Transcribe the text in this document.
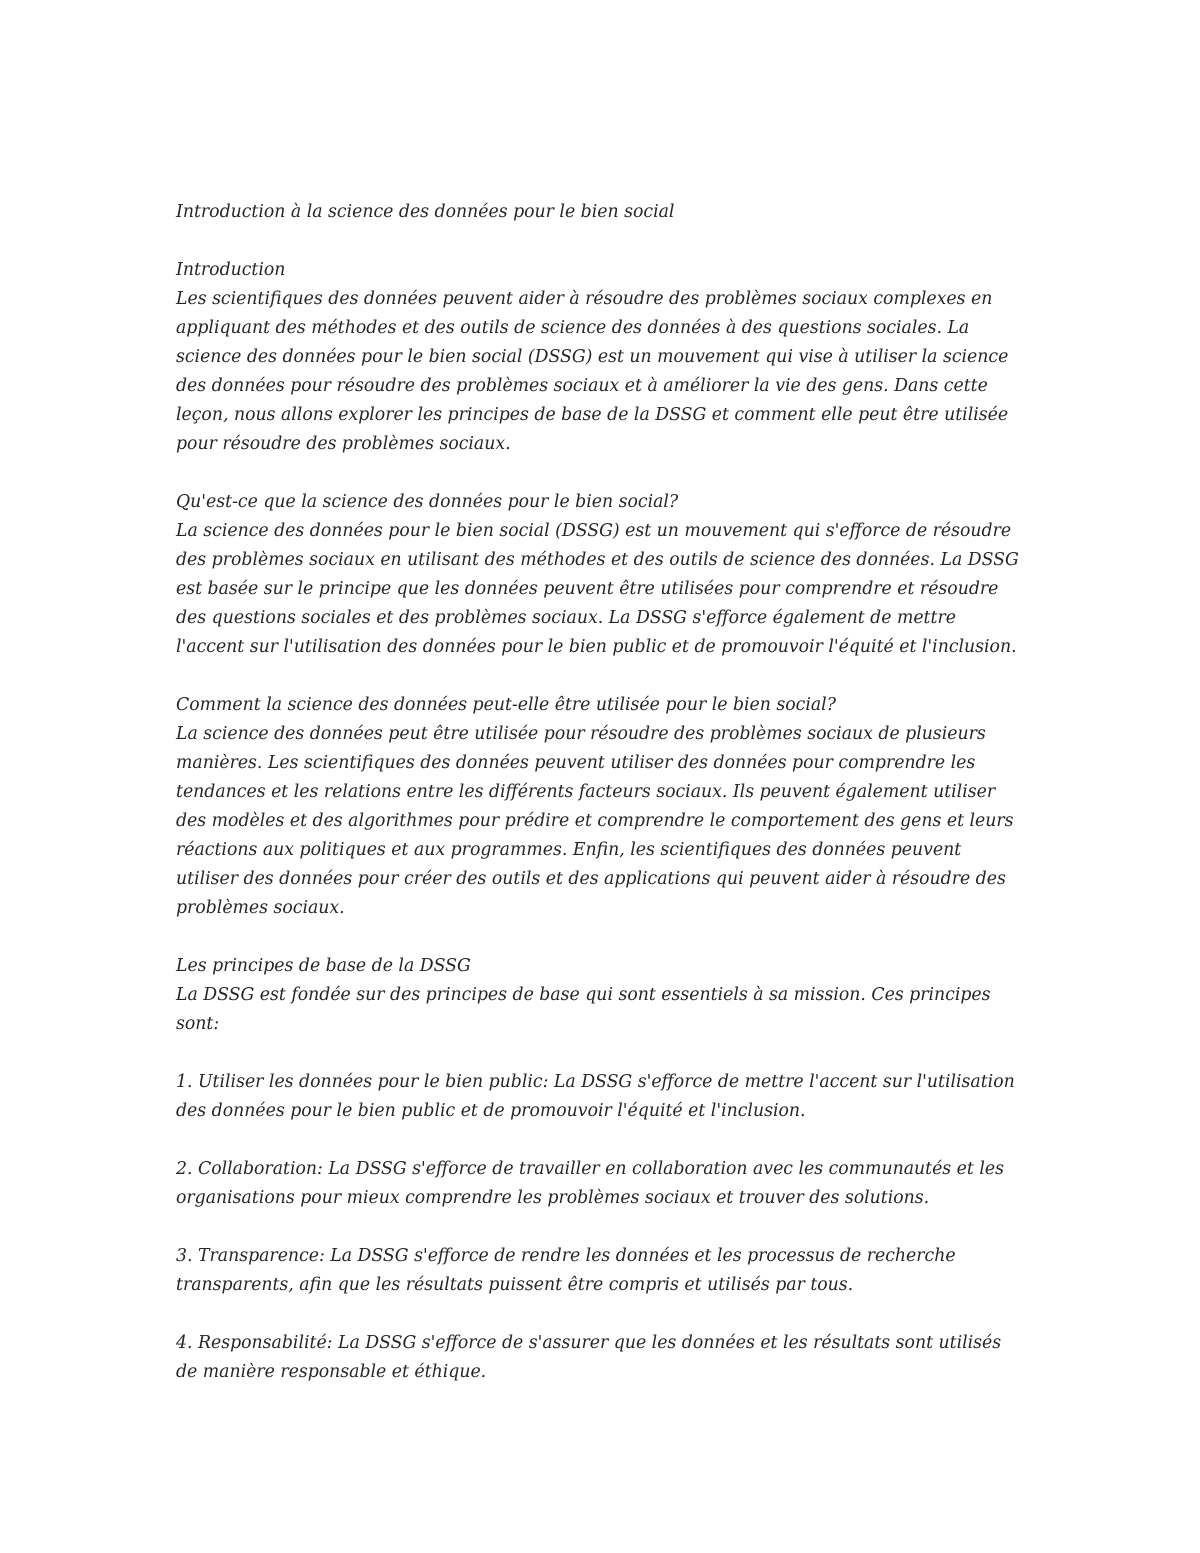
Introduction à la science des données pour le bien social

Introduction
Les scientifiques des données peuvent aider à résoudre des problèmes sociaux complexes en appliquant des méthodes et des outils de science des données à des questions sociales. La science des données pour le bien social (DSSG) est un mouvement qui vise à utiliser la science des données pour résoudre des problèmes sociaux et à améliorer la vie des gens. Dans cette leçon, nous allons explorer les principes de base de la DSSG et comment elle peut être utilisée pour résoudre des problèmes sociaux.

Qu'est-ce que la science des données pour le bien social?
La science des données pour le bien social (DSSG) est un mouvement qui s'efforce de résoudre des problèmes sociaux en utilisant des méthodes et des outils de science des données. La DSSG est basée sur le principe que les données peuvent être utilisées pour comprendre et résoudre des questions sociales et des problèmes sociaux. La DSSG s'efforce également de mettre l'accent sur l'utilisation des données pour le bien public et de promouvoir l'équité et l'inclusion.

Comment la science des données peut-elle être utilisée pour le bien social?
La science des données peut être utilisée pour résoudre des problèmes sociaux de plusieurs manières. Les scientifiques des données peuvent utiliser des données pour comprendre les tendances et les relations entre les différents facteurs sociaux. Ils peuvent également utiliser des modèles et des algorithmes pour prédire et comprendre le comportement des gens et leurs réactions aux politiques et aux programmes. Enfin, les scientifiques des données peuvent utiliser des données pour créer des outils et des applications qui peuvent aider à résoudre des problèmes sociaux.

Les principes de base de la DSSG
La DSSG est fondée sur des principes de base qui sont essentiels à sa mission. Ces principes sont:

1. Utiliser les données pour le bien public: La DSSG s'efforce de mettre l'accent sur l'utilisation des données pour le bien public et de promouvoir l'équité et l'inclusion.

2. Collaboration: La DSSG s'efforce de travailler en collaboration avec les communautés et les organisations pour mieux comprendre les problèmes sociaux et trouver des solutions.

3. Transparence: La DSSG s'efforce de rendre les données et les processus de recherche transparents, afin que les résultats puissent être compris et utilisés par tous.

4. Responsabilité: La DSSG s'efforce de s'assurer que les données et les résultats sont utilisés de manière responsable et éthique.
